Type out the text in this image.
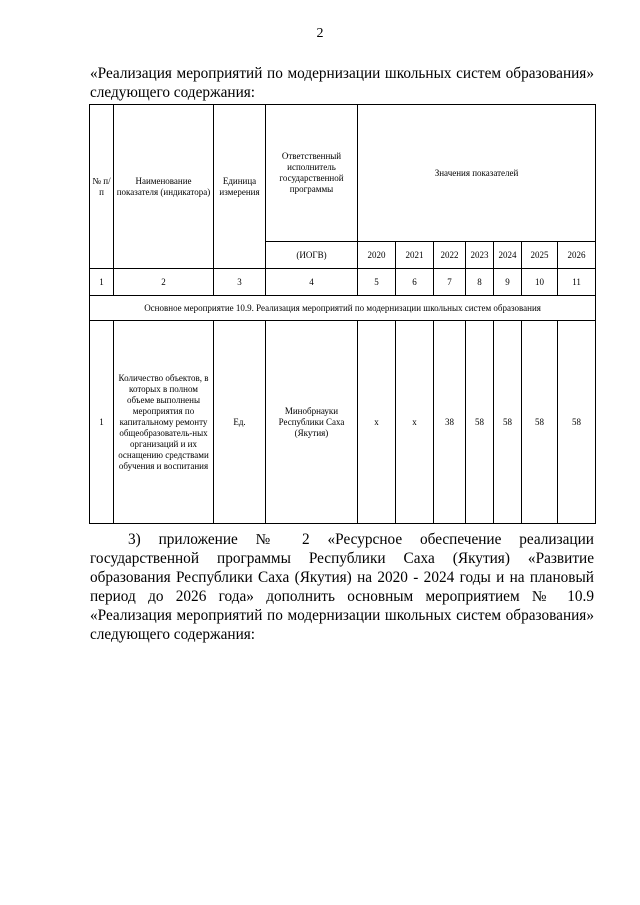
2
«Реализация мероприятий по модернизации школьных систем образования» следующего содержания:
№ п/п	Наименование показателя (индикатора)	Единица измерения	Ответственный исполнитель государственной программы	Значения показателей						
			(ИОГВ)	2020	2021	2022	2023	2024	2025	2026
1	2	3	4	5	6	7	8	9	10	11
Основное мероприятие 10.9. Реализация мероприятий по модернизации школьных систем образования										
1	Количество объектов, в которых в полном объеме выполнены мероприятия по капитальному ремонту общеобразователь-ных организаций и их оснащению средствами обучения и воспитания	Ед.	Минобрнауки Республики Саха (Якутия)	х	х	38	58	58	58	58
3) приложение № 2 «Ресурсное обеспечение реализации государственной программы Республики Саха (Якутия) «Развитие образования Республики Саха (Якутия) на 2020 - 2024 годы и на плановый период до 2026 года» дополнить основным мероприятием № 10.9 «Реализация мероприятий по модернизации школьных систем образования» следующего содержания:
